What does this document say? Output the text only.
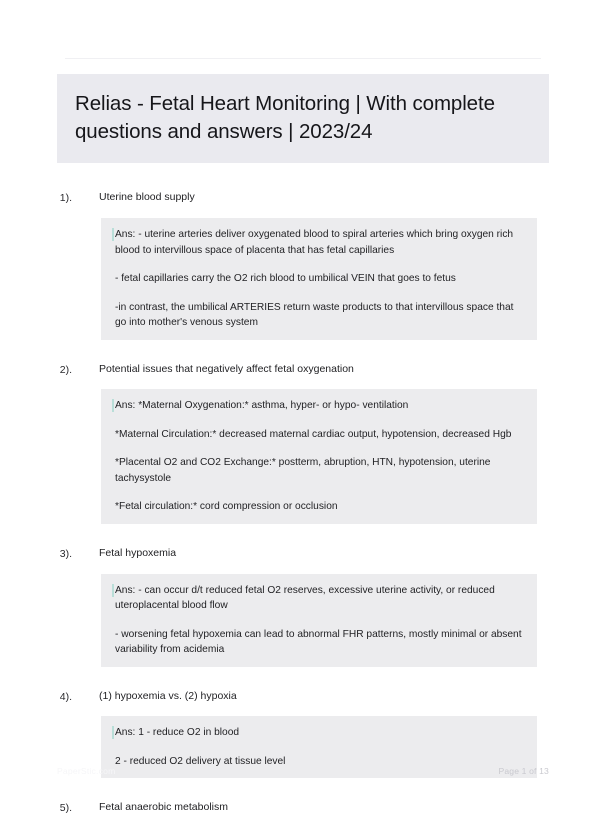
Relias - Fetal Heart Monitoring | With complete questions and answers | 2023/24
1).	Uterine blood supply

Ans: - uterine arteries deliver oxygenated blood to spiral arteries which bring oxygen rich blood to intervillous space of placenta that has fetal capillaries

- fetal capillaries carry the O2 rich blood to umbilical VEIN that goes to fetus

-in contrast, the umbilical ARTERIES return waste products to that intervillous space that go into mother's venous system

2).	Potential issues that negatively affect fetal oxygenation

Ans: *Maternal Oxygenation:* asthma, hyper- or hypo- ventilation

*Maternal Circulation:* decreased maternal cardiac output, hypotension, decreased Hgb

*Placental O2 and CO2 Exchange:* postterm, abruption, HTN, hypotension, uterine tachysystole

*Fetal circulation:* cord compression or occlusion

3).	Fetal hypoxemia

Ans: - can occur d/t reduced fetal O2 reserves, excessive uterine activity, or reduced uteroplacental blood flow

- worsening fetal hypoxemia can lead to abnormal FHR patterns, mostly minimal or absent variability from acidemia

4).	(1) hypoxemia vs. (2) hypoxia

Ans: 1 - reduce O2 in blood

2 - reduced O2 delivery at tissue level

5).	Fetal anaerobic metabolism
PaperStic.com	Page 1 of 13
